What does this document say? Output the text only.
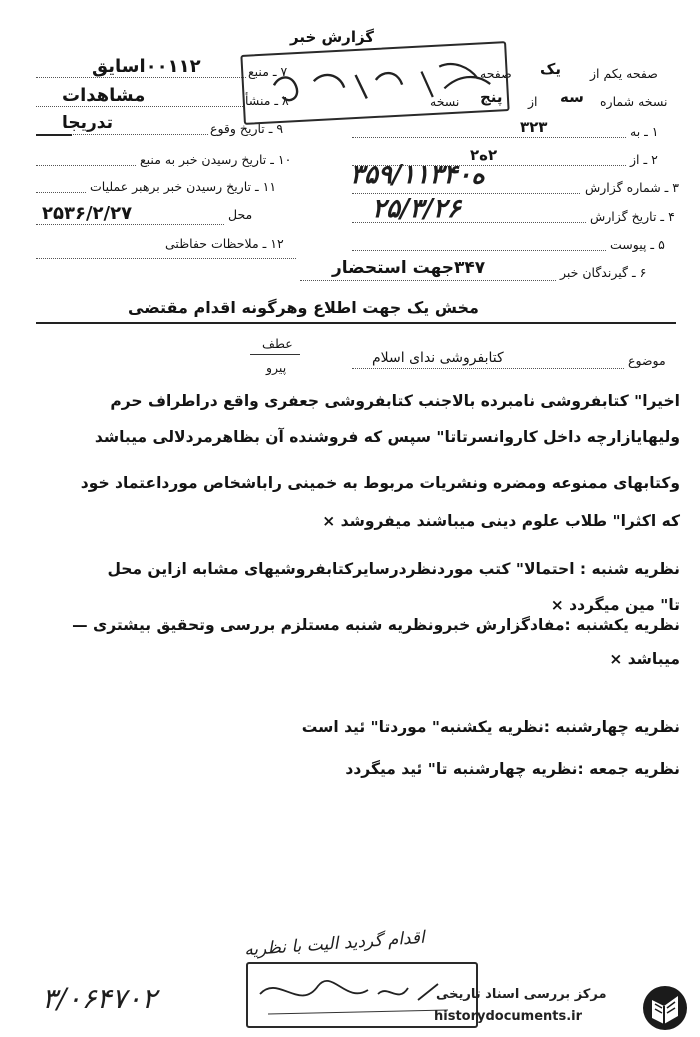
گزارش خبر
۷ ـ منبع
۰۰۱۱۲اسایق
۸ ـ منشأ
مشاهدات
۹ ـ تاریخ وقوع
تدریجا
۱۰ ـ تاریخ رسیدن خبر به منبع
۱۱ ـ تاریخ رسیدن خبر برهبر عملیات
محل
۲۵۳۶/۲/۲۷
۱۲ ـ ملاحظات حفاظتی
صفحه یکم از
یک
صفحه
نسخه شماره
سه
از
پنج
نسخه
۱ ـ به
۳۲۳
۲ ـ از
۲ه۲
۳ ـ شماره گزارش
۳۵۹/۱۱۳۴۰ه
۴ ـ تاریخ گزارش
۲۵/۳/۲۶
۵ ـ پیوست
۶ ـ گیرندگان خبر
۳۴۷جهت استحضار
مخش یک جهت اطلاع وهرگونه اقدام مقتضی
عطف
پیرو	موضوع
کتابفروشی ندای اسلام
اخیرا" کتابفروشی نامبرده بالاجنب کتابفروشی جعفری واقع دراطراف حرم
ولیهایازارچه داخل کاروانسرتاتا" سپس که فروشنده آن بظاهرمردلالی میباشد
وکتابهای ممنوعه ومضره ونشریات مربوط به خمینی راباشخاص مورداعتماد خود
که اکثرا" طلاب علوم دینی میباشند میفروشد ×
نظریه شنبه : احتمالا" کتب موردنظردرسایرکتابفروشیهای مشابه ازاین محل
تا" مین میگردد ×
نظریه یکشنبه :مفادگزارش خبرونظریه شنبه مستلزم بررسی وتحقیق بیشتری —
میباشد ×
نظریه چهارشنبه :نظریه یکشنبه" موردتا" ئید است
نظریه جمعه :نظریه چهارشنبه تا" ئید میگردد
اقدام گردید الیت با نظریه
۳/۰۶۴۷۰۲	مرکز بررسی اسناد تاریخی
historydocuments.ir
